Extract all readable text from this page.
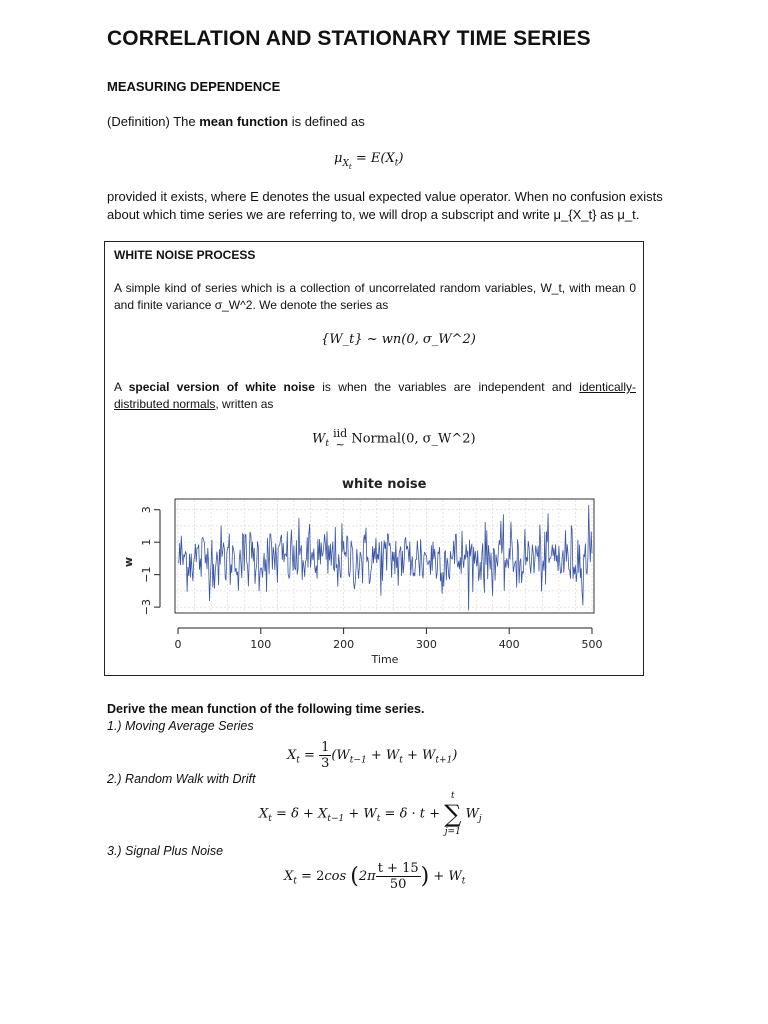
CORRELATION AND STATIONARY TIME SERIES
MEASURING DEPENDENCE
(Definition) The mean function is defined as
$\mu_{X_t} = E(X_t)$
provided it exists, where E denotes the usual expected value operator. When no confusion exists
about which time series we are referring to, we will drop a subscript and write μ_{X_t} as μ_t.
WHITE NOISE PROCESS
A simple kind of series which is a collection of uncorrelated random variables, W_t, with mean 0 and finite variance σ_W^2. We denote the series as
{W_t} ~ wn(0, σ_W^2)
A special version of white noise is when the variables are independent and identically-distributed normals, written as
$W_t$
iid
~ Normal(0, σ_W^2)
white noise
0	100	200	300	400	500
−3
−1
1
3
Time
w
Derive the mean function of the following time series.
1.) Moving Average Series
$X_t = \frac{1}{3} (W_{t-1} + W_t + W_{t+1})$
2.) Random Walk with Drift
$X_t = \delta + X_{t-1} + W_t = \delta \cdot t$ +
t
∑
j=1
$W_j$
3.) Signal Plus Noise
$X_t = 2\cos$ ($2\pi \frac{t + 15}{50}$ ) + $W_t$
